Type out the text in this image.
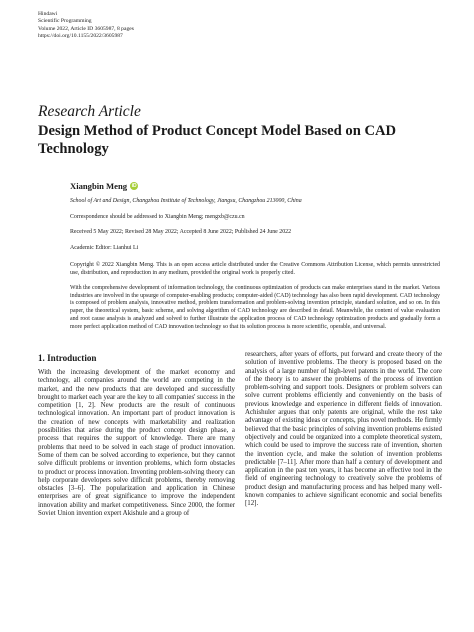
Hindawi
Scientific Programming
Volume 2022, Article ID 3605987, 8 pages
https://doi.org/10.1155/2022/3605987
Research Article
Design Method of Product Concept Model Based on CAD Technology
Xiangbin Meng iD
School of Art and Design, Changzhou Institute of Technology, Jiangsu, Changzhou 213000, China
Correspondence should be addressed to Xiangbin Meng; mengxb@czu.cn
Received 5 May 2022; Revised 28 May 2022; Accepted 8 June 2022; Published 24 June 2022
Academic Editor: Lianhui Li
Copyright © 2022 Xiangbin Meng. This is an open access article distributed under the Creative Commons Attribution License, which permits unrestricted use, distribution, and reproduction in any medium, provided the original work is properly cited.
With the comprehensive development of information technology, the continuous optimization of products can make enterprises stand in the market. Various industries are involved in the upsurge of computer-enabling products; computer-aided (CAD) technology has also been rapid development. CAD technology is composed of problem analysis, innovative method, problem transformation and problem-solving invention principle, standard solution, and so on. In this paper, the theoretical system, basic scheme, and solving algorithm of CAD technology are described in detail. Meanwhile, the content of value evaluation and root cause analysis is analyzed and solved to further illustrate the application process of CAD technology optimization products and gradually form a more perfect application method of CAD innovation technology so that its solution process is more scientific, operable, and universal.
1. Introduction
With the increasing development of the market economy and technology, all companies around the world are competing in the market, and the new products that are developed and successfully brought to market each year are the key to all companies' success in the competition [1, 2]. New products are the result of continuous technological innovation. An important part of product innovation is the creation of new concepts with marketability and realization possibilities that arise during the product concept design phase, a process that requires the support of knowledge. There are many problems that need to be solved in each stage of product innovation. Some of them can be solved according to experience, but they cannot solve difficult problems or invention problems, which form obstacles to product or process innovation. Inventing problem-solving theory can help corporate developers solve difficult problems, thereby removing obstacles [3–6]. The popularization and application in Chinese enterprises are of great significance to improve the independent innovation ability and market competitiveness. Since 2000, the former Soviet Union invention expert Akishule and a group of
researchers, after years of efforts, put forward and create theory of the solution of inventive problems. The theory is proposed based on the analysis of a large number of high-level patents in the world. The core of the theory is to answer the problems of the process of invention problem-solving and support tools. Designers or problem solvers can solve current problems efficiently and conveniently on the basis of previous knowledge and experience in different fields of innovation. Achishuler argues that only patents are original, while the rest take advantage of existing ideas or concepts, plus novel methods. He firmly believed that the basic principles of solving invention problems existed objectively and could be organized into a complete theoretical system, which could be used to improve the success rate of invention, shorten the invention cycle, and make the solution of invention problems predictable [7–11]. After more than half a century of development and application in the past ten years, it has become an effective tool in the field of engineering technology to creatively solve the problems of product design and manufacturing process and has helped many well-known companies to achieve significant economic and social benefits [12].
